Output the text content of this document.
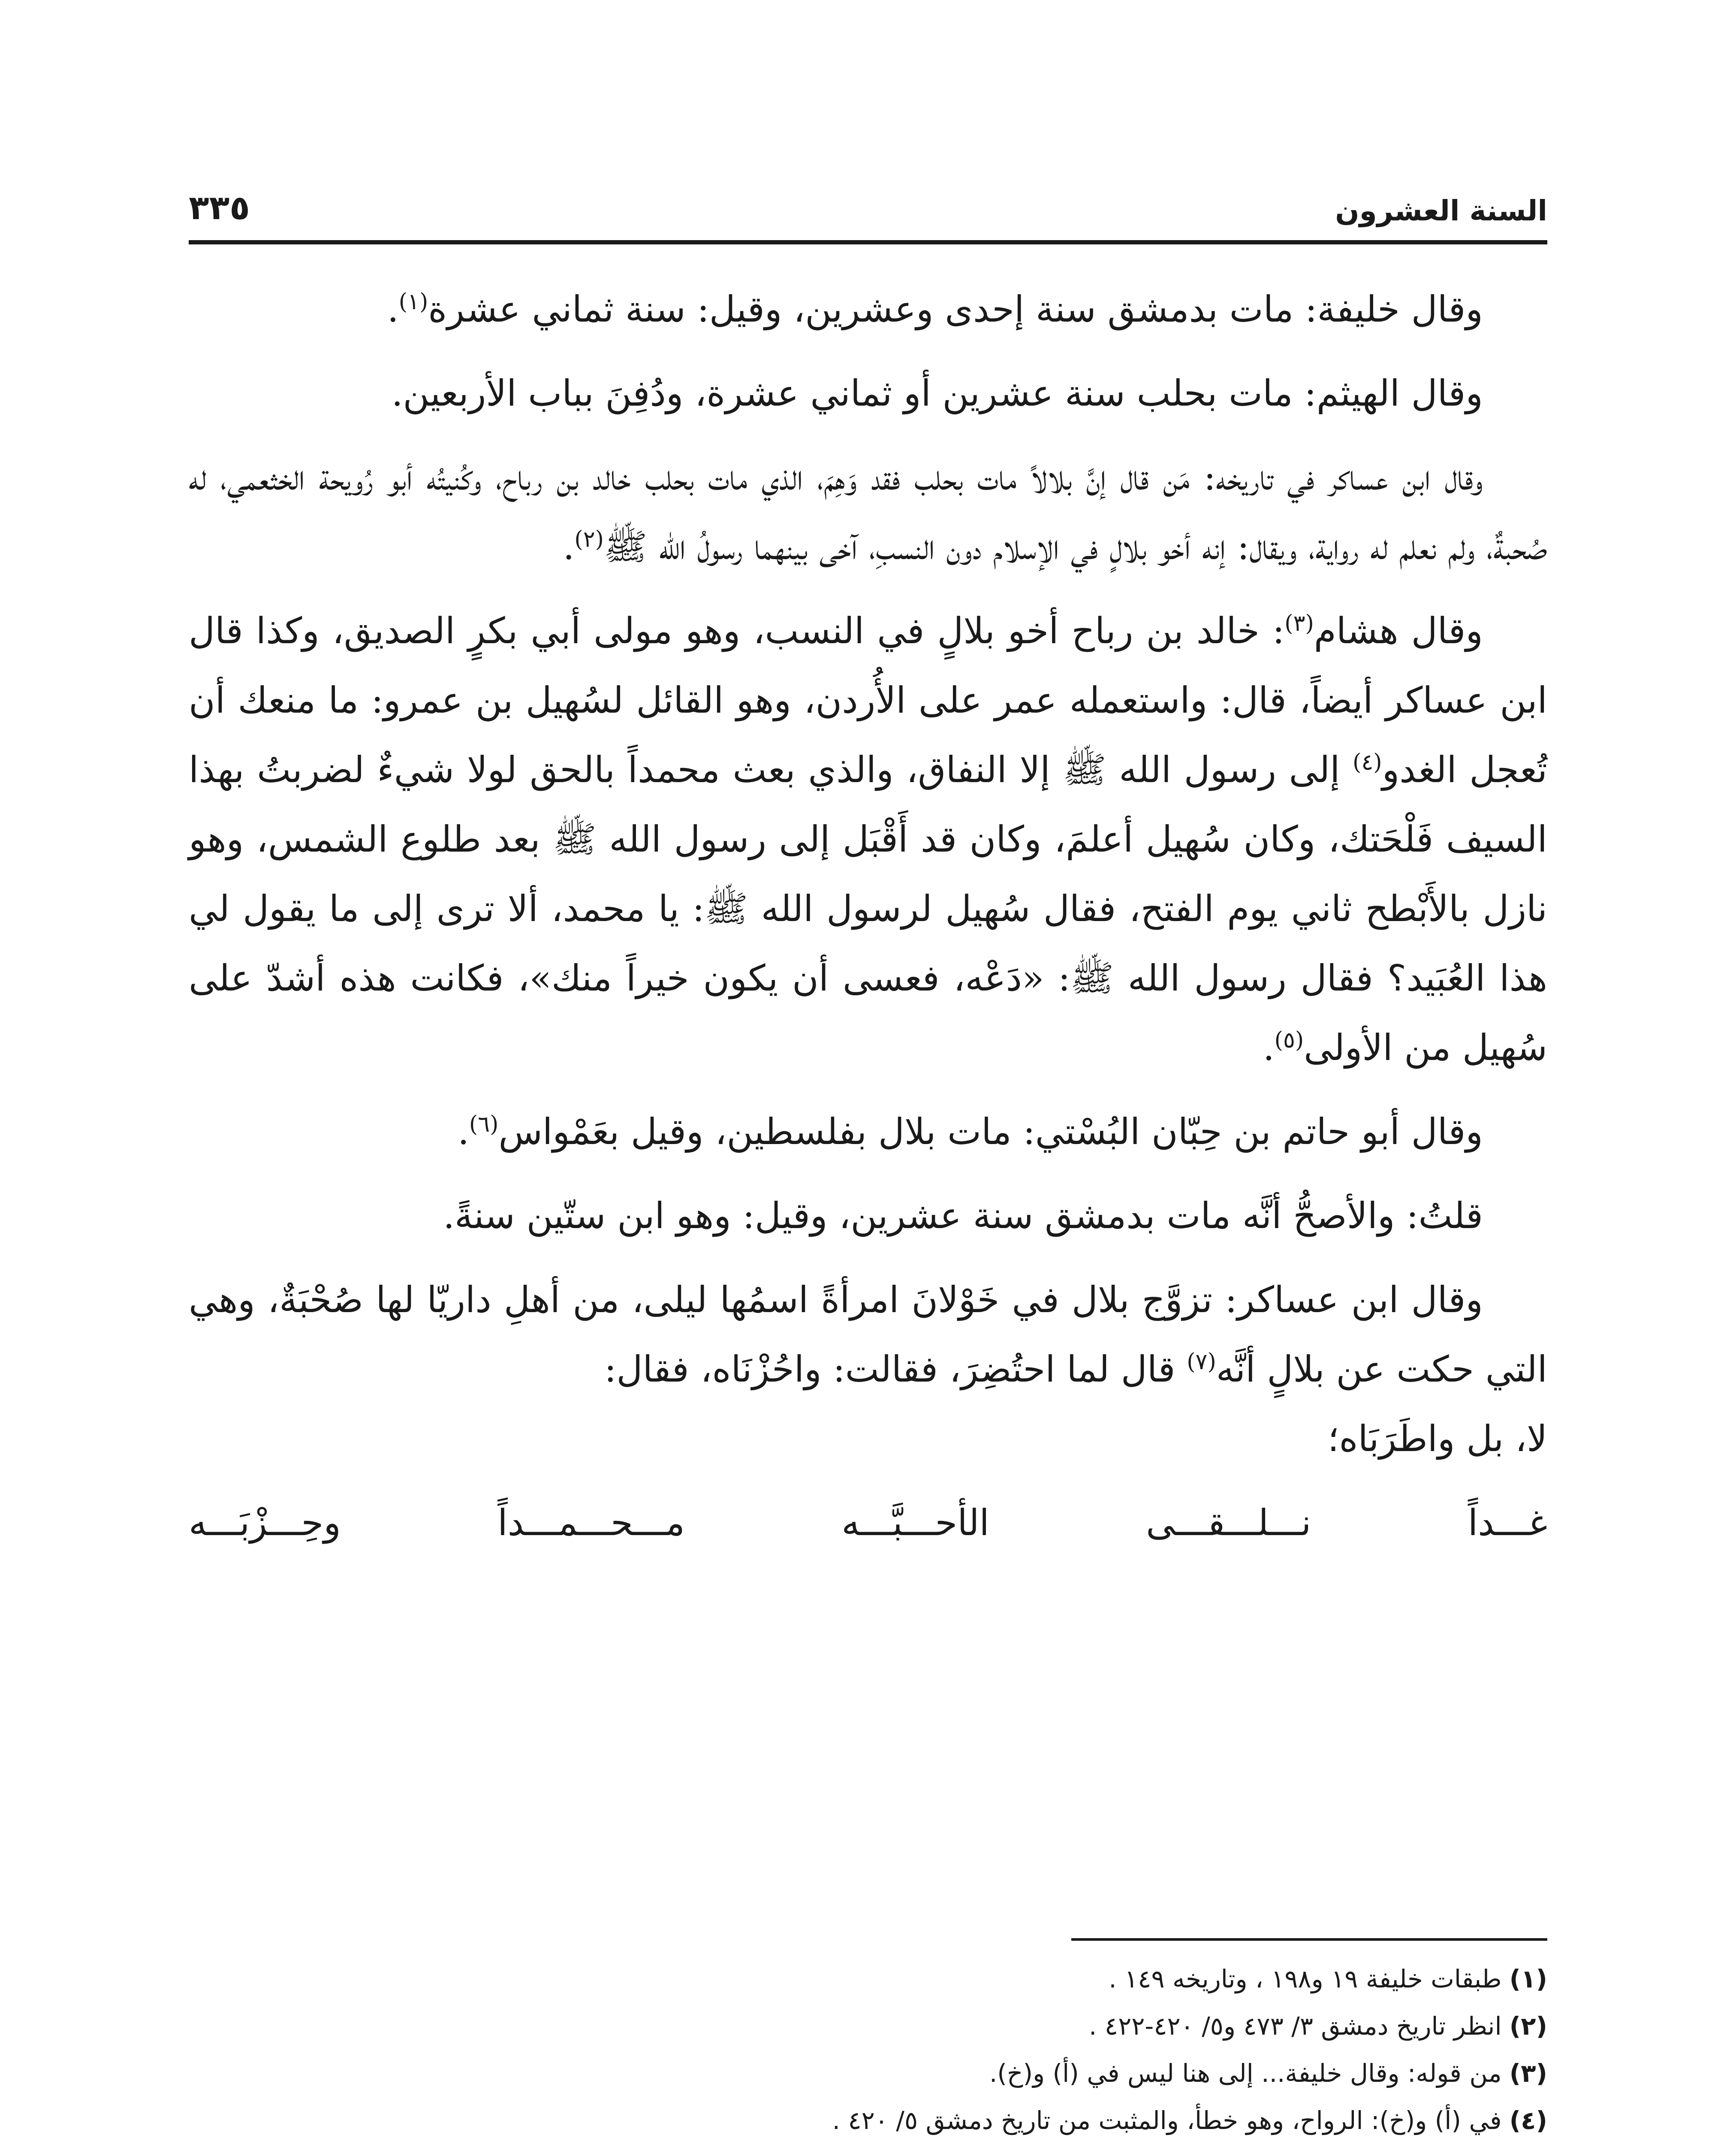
السنة العشرون
٣٣٥

وقال خليفة: مات بدمشق سنة إحدى وعشرين، وقيل: سنة ثماني عشرة$^{(١)}$.

وقال الهيثم: مات بحلب سنة عشرين أو ثماني عشرة، ودُفِنَ بباب الأربعين.

وقال ابن عساكر في تاريخه: مَن قال إنَّ بلالاً مات بحلب فقد وَهِمَ، الذي مات بحلب خالد بن رباح، وكُنيتُه أبو رُويحة الخثعمي، له صُحبةٌ، ولم نعلم له رواية، ويقال: إنه أخو بلالٍ في الإسلام دون النسبِ، آخى بينهما رسولُ الله ﷺ$^{(٢)}$.

وقال هشام$^{(٣)}$: خالد بن رباح أخو بلالٍ في النسب، وهو مولى أبي بكرٍ الصديق، وكذا قال ابن عساكر أيضاً، قال: واستعمله عمر على الأُردن، وهو القائل لسُهيل بن عمرو: ما منعك أن تُعجل الغدو$^{(٤)}$ إلى رسول الله ﷺ إلا النفاق، والذي بعث محمداً بالحق لولا شيءٌ لضربتُ بهذا السيف فَلْحَتك، وكان سُهيل أعلمَ، وكان قد أَقْبَل إلى رسول الله ﷺ بعد طلوع الشمس، وهو نازل بالأَبْطح ثاني يوم الفتح، فقال سُهيل لرسول الله ﷺ: يا محمد، ألا ترى إلى ما يقول لي هذا العُبَيد؟ فقال رسول الله ﷺ: «دَعْه، فعسى أن يكون خيراً منك»، فكانت هذه أشدّ على سُهيل من الأولى$^{(٥)}$.

وقال أبو حاتم بن حِبّان البُسْتي: مات بلال بفلسطين، وقيل بعَمْواس$^{(٦)}$.

قلتُ: والأصحُّ أنَّه مات بدمشق سنة عشرين، وقيل: وهو ابن ستّين سنةً.

وقال ابن عساكر: تزوَّج بلال في خَوْلانَ امرأةً اسمُها ليلى، من أهلِ داريّا لها صُحْبَةٌ، وهي التي حكت عن بلالٍ أنَّه$^{(٧)}$ قال لما احتُضِرَ، فقالت: واحُزْنَاه، فقال:

لا، بل واطَرَبَاه؛

غـــداً
نـــلـــقـــى
الأحـــبَّـــه
مـــحـــمـــداً
وحِـــزْبَـــه

(١)طبقات خليفة ١٩ و١٩٨ ، وتاريخه ١٤٩ .

(٢)انظر تاريخ دمشق ٣/ ٤٧٣ و٥/ ٤٢٠-٤٢٢ .

(٣)من قوله: وقال خليفة... إلى هنا ليس في (أ) و(خ).

(٤)في (أ) و(خ): الرواح، وهو خطأ، والمثبت من تاريخ دمشق ٥/ ٤٢٠ .
